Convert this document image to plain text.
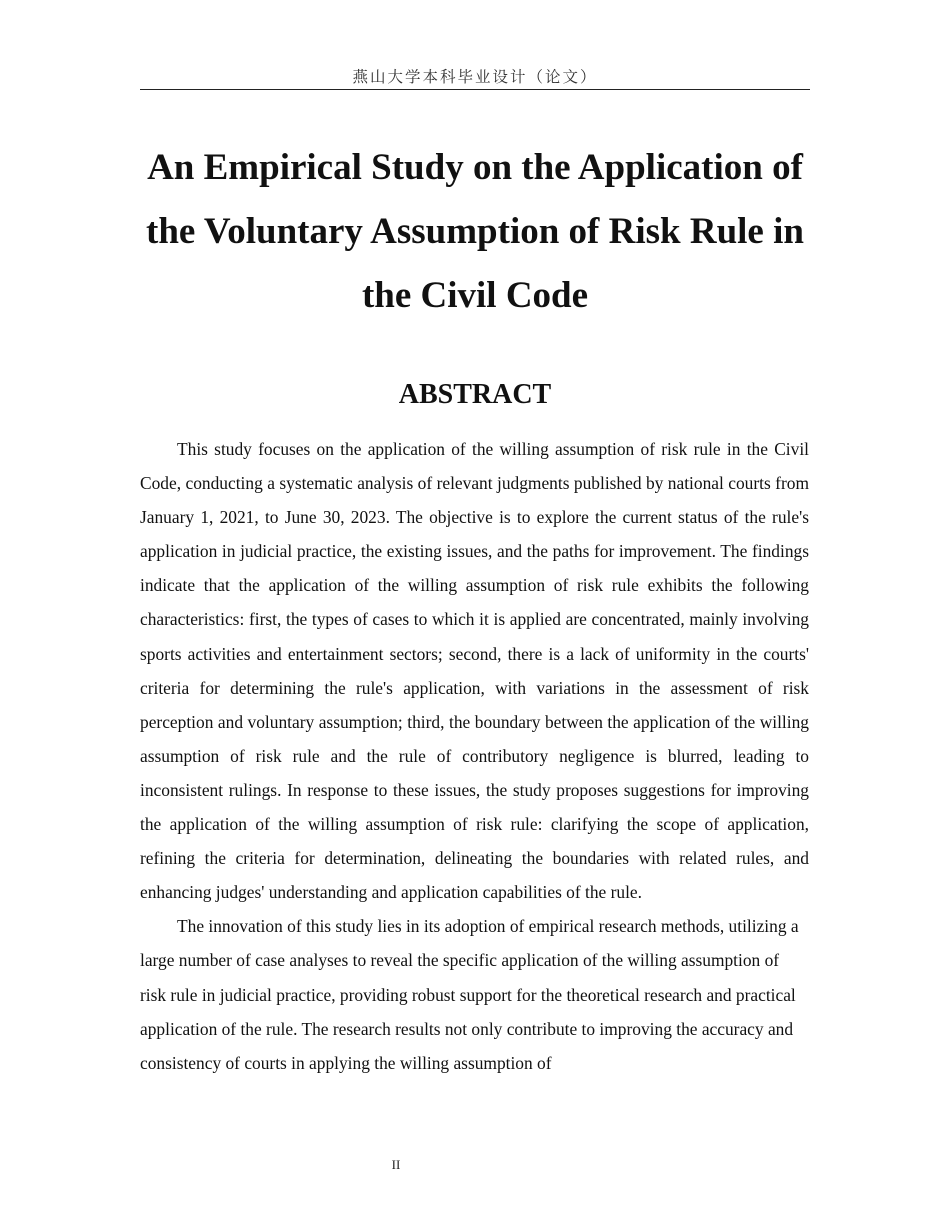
燕山大学本科毕业设计（论文）
An Empirical Study on the Application of
the Voluntary Assumption of Risk Rule in
the Civil Code
ABSTRACT

This study focuses on the application of the willing assumption of risk rule in the Civil Code, conducting a systematic analysis of relevant judgments published by national courts from January 1, 2021, to June 30, 2023. The objective is to explore the current status of the rule's application in judicial practice, the existing issues, and the paths for improvement. The findings indicate that the application of the willing assumption of risk rule exhibits the following characteristics: first, the types of cases to which it is applied are concentrated, mainly involving sports activities and entertainment sectors; second, there is a lack of uniformity in the courts' criteria for determining the rule's application, with variations in the assessment of risk perception and voluntary assumption; third, the boundary between the application of the willing assumption of risk rule and the rule of contributory negligence is blurred, leading to inconsistent rulings. In response to these issues, the study proposes suggestions for improving the application of the willing assumption of risk rule: clarifying the scope of application, refining the criteria for determination, delineating the boundaries with related rules, and enhancing judges' understanding and application capabilities of the rule.

The innovation of this study lies in its adoption of empirical research methods, utilizing a large number of case analyses to reveal the specific application of the willing assumption of risk rule in judicial practice, providing robust support for the theoretical research and practical application of the rule. The research results not only contribute to improving the accuracy and consistency of courts in applying the willing assumption of

II
